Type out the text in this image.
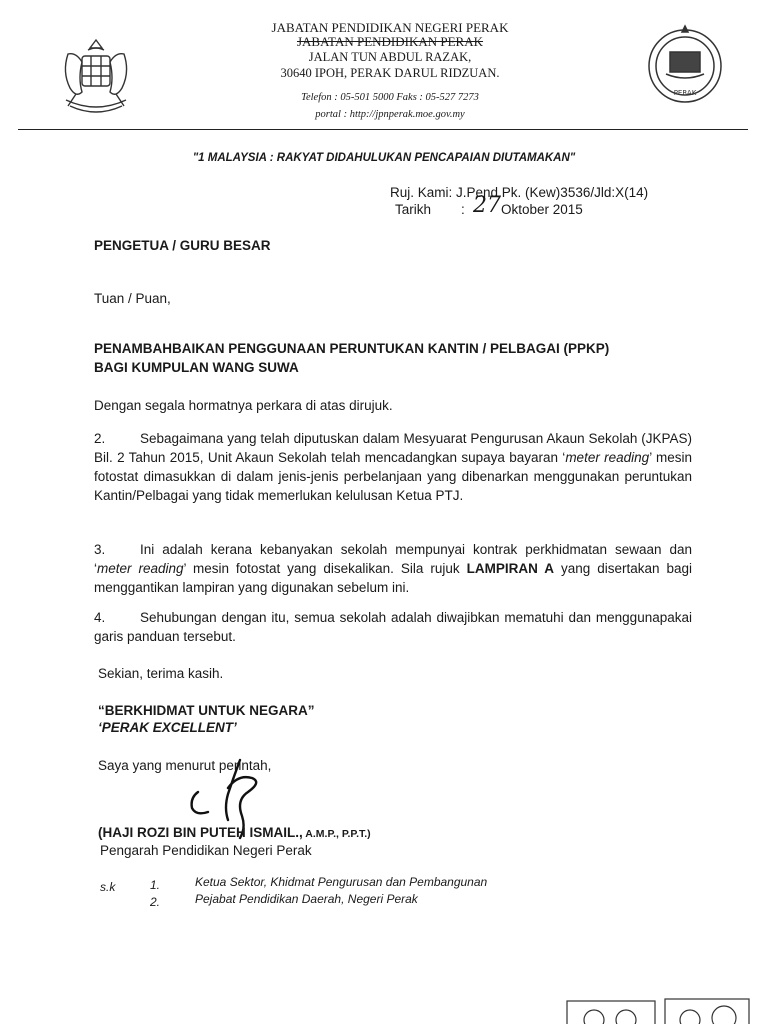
JABATAN PENDIDIKAN NEGERI PERAK
JABATAN PENDIDIKAN PERAK
JALAN TUN ABDUL RAZAK,
30640 IPOH, PERAK DARUL RIDZUAN.
Telefon : 05-501 5000 Faks : 05-527 7273
portal : http://jpnperak.moe.gov.my
PERAK
"1 MALAYSIA : RAKYAT DIDAHULUKAN PENCAPAIAN DIUTAMAKAN"
Ruj. Kami: J.Pend.Pk. (Kew)3536/Jld:X(14)
Tarikh : 27 Oktober 2015
PENGETUA / GURU BESAR
Tuan / Puan,
PENAMBAHBAIKAN PENGGUNAAN PERUNTUKAN KANTIN / PELBAGAI (PPKP)
BAGI KUMPULAN WANG SUWA
Dengan segala hormatnya perkara di atas dirujuk.
2.	Sebagaimana yang telah diputuskan dalam Mesyuarat Pengurusan Akaun Sekolah (JKPAS) Bil. 2 Tahun 2015, Unit Akaun Sekolah telah mencadangkan supaya bayaran ‘meter reading’ mesin fotostat dimasukkan di dalam jenis-jenis perbelanjaan yang dibenarkan menggunakan peruntukan Kantin/Pelbagai yang tidak memerlukan kelulusan Ketua PTJ.
3.	Ini adalah kerana kebanyakan sekolah mempunyai kontrak perkhidmatan sewaan dan ‘meter reading’ mesin fotostat yang disekalikan. Sila rujuk LAMPIRAN A yang disertakan bagi menggantikan lampiran yang digunakan sebelum ini.
4.	Sehubungan dengan itu, semua sekolah adalah diwajibkan mematuhi dan menggunapakai garis panduan tersebut.
Sekian, terima kasih.
“BERKHIDMAT UNTUK NEGARA”
‘PERAK EXCELLENT’
Saya yang menurut perintah,
(HAJI ROZI BIN PUTEH ISMAIL., A.M.P., P.P.T.)
Pengarah Pendidikan Negeri Perak
s.k	1.	Ketua Sektor, Khidmat Pengurusan dan Pembangunan
2.	Pejabat Pendidikan Daerah, Negeri Perak
